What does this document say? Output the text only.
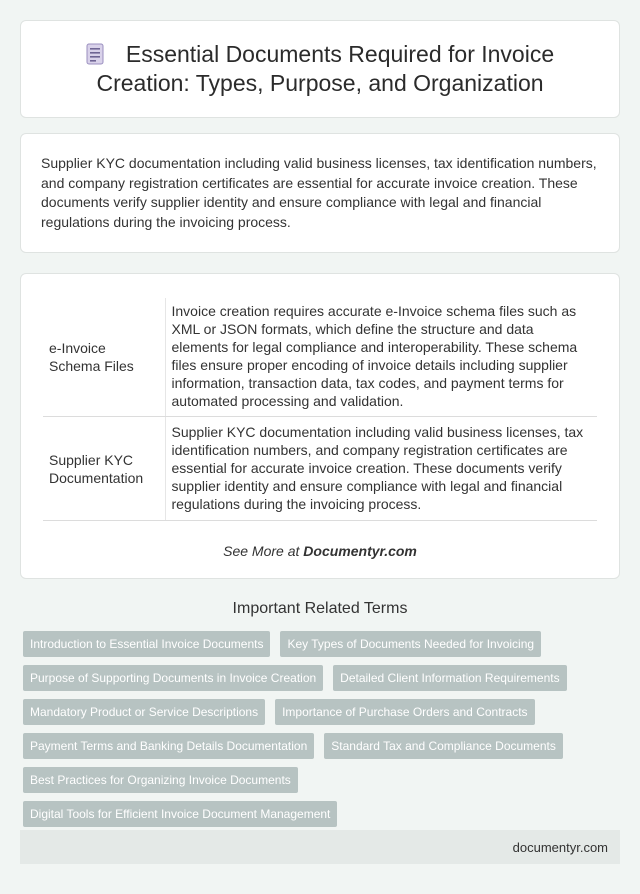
Essential Documents Required for Invoice Creation: Types, Purpose, and Organization

Supplier KYC documentation including valid business licenses, tax identification numbers, and company registration certificates are essential for accurate invoice creation. These documents verify supplier identity and ensure compliance with legal and financial regulations during the invoicing process.

e-Invoice Schema Files	Invoice creation requires accurate e-Invoice schema files such as XML or JSON formats, which define the structure and data elements for legal compliance and interoperability. These schema files ensure proper encoding of invoice details including supplier information, transaction data, tax codes, and payment terms for automated processing and validation.
Supplier KYC Documentation	Supplier KYC documentation including valid business licenses, tax identification numbers, and company registration certificates are essential for accurate invoice creation. These documents verify supplier identity and ensure compliance with legal and financial regulations during the invoicing process.
See More at Documentyr.com
Important Related Terms
Introduction to Essential Invoice Documents	Key Types of Documents Needed for Invoicing
Purpose of Supporting Documents in Invoice Creation	Detailed Client Information Requirements
Mandatory Product or Service Descriptions	Importance of Purchase Orders and Contracts
Payment Terms and Banking Details Documentation	Standard Tax and Compliance Documents
Best Practices for Organizing Invoice Documents
Digital Tools for Efficient Invoice Document Management
documentyr.com
